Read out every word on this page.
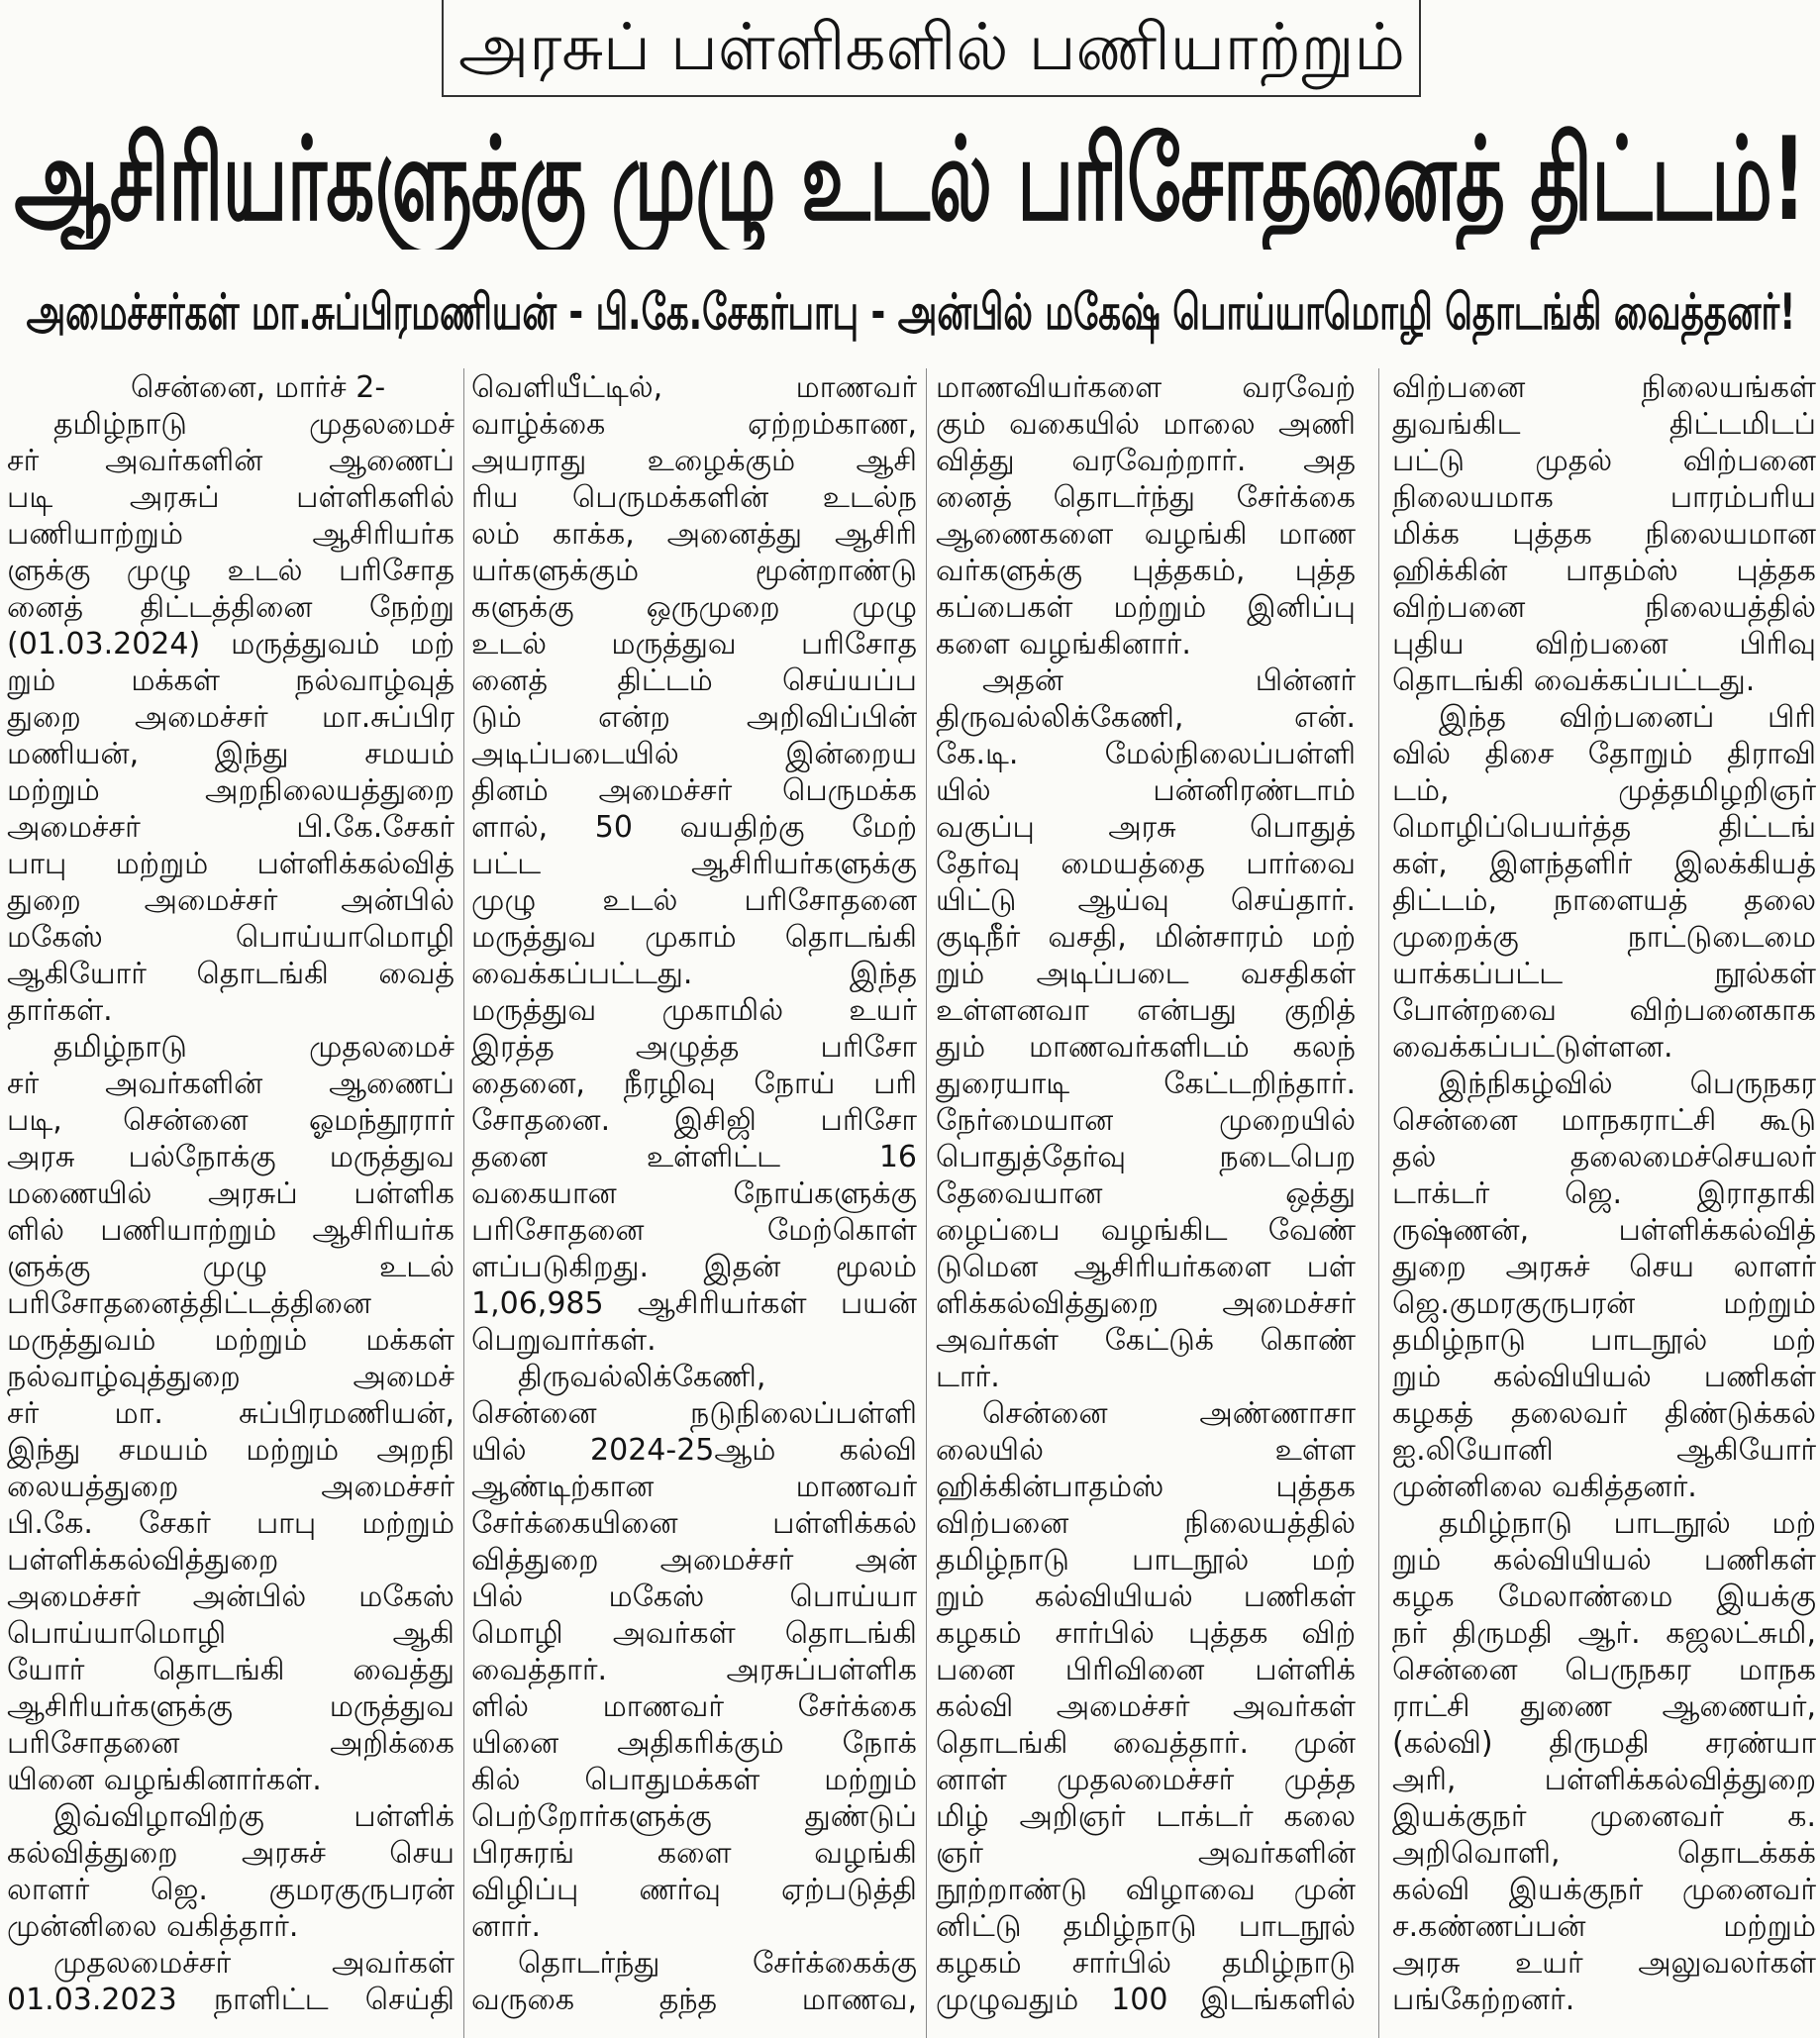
அரசுப் பள்ளிகளில் பணியாற்றும்
ஆசிரியர்களுக்கு முழு உடல் பரிசோதனைத் திட்டம்!
அமைச்சர்கள் மா.சுப்பிரமணியன் - பி.கே.சேகர்பாபு - அன்பில் மகேஷ் பொய்யாமொழி தொடங்கி வைத்தனர்!
சென்னை, மார்ச் 2-
தமிழ்நாடு முதலமைச்
சர் அவர்களின் ஆணைப்
படி அரசுப் பள்ளிகளில்
பணியாற்றும் ஆசிரியர்க
ளுக்கு முழு உடல் பரிசோத
னைத் திட்டத்தினை நேற்று
(01.03.2024) மருத்துவம் மற்
றும் மக்கள் நல்வாழ்வுத்
துறை அமைச்சர் மா.சுப்பிர
மணியன், இந்து சமயம்
மற்றும் அறநிலையத்துறை
அமைச்சர் பி.கே.சேகர்
பாபு மற்றும் பள்ளிக்கல்வித்
துறை அமைச்சர் அன்பில்
மகேஸ் பொய்யாமொழி
ஆகியோர் தொடங்கி வைத்
தார்கள்.
தமிழ்நாடு முதலமைச்
சர் அவர்களின் ஆணைப்
படி, சென்னை ஓமந்தூரார்
அரசு பல்நோக்கு மருத்துவ
மணையில் அரசுப் பள்ளிக
ளில் பணியாற்றும் ஆசிரியர்க
ளுக்கு முழு உடல்
பரிசோதனைத்திட்டத்தினை
மருத்துவம் மற்றும் மக்கள்
நல்வாழ்வுத்துறை அமைச்
சர் மா. சுப்பிரமணியன்,
இந்து சமயம் மற்றும் அறநி
லையத்துறை அமைச்சர்
பி.கே. சேகர் பாபு மற்றும்
பள்ளிக்கல்வித்துறை
அமைச்சர் அன்பில் மகேஸ்
பொய்யாமொழி ஆகி
யோர் தொடங்கி வைத்து
ஆசிரியர்களுக்கு மருத்துவ
பரிசோதனை அறிக்கை
யினை வழங்கினார்கள்.
இவ்விழாவிற்கு பள்ளிக்
கல்வித்துறை அரசுச் செய
லாளர் ஜெ. குமரகுருபரன்
முன்னிலை வகித்தார்.
முதலமைச்சர் அவர்கள்
01.03.2023 நாளிட்ட செய்தி
வெளியீட்டில், மாணவர்
வாழ்க்கை ஏற்றம்காண,
அயராது உழைக்கும் ஆசி
ரிய பெருமக்களின் உடல்ந
லம் காக்க, அனைத்து ஆசிரி
யர்களுக்கும் மூன்றாண்டு
களுக்கு ஒருமுறை முழு
உடல் மருத்துவ பரிசோத
னைத் திட்டம் செய்யப்ப
டும் என்ற அறிவிப்பின்
அடிப்படையில் இன்றைய
தினம் அமைச்சர் பெருமக்க
ளால், 50 வயதிற்கு மேற்
பட்ட ஆசிரியர்களுக்கு
முழு உடல் பரிசோதனை
மருத்துவ முகாம் தொடங்கி
வைக்கப்பட்டது. இந்த
மருத்துவ முகாமில் உயர்
இரத்த அழுத்த பரிசோ
தைனை, நீரழிவு நோய் பரி
சோதனை. இசிஜி பரிசோ
தனை உள்ளிட்ட 16
வகையான நோய்களுக்கு
பரிசோதனை மேற்கொள்
ளப்படுகிறது. இதன் மூலம்
1,06,985 ஆசிரியர்கள் பயன்
பெறுவார்கள்.
திருவல்லிக்கேணி,
சென்னை நடுநிலைப்பள்ளி
யில் 2024-25ஆம் கல்வி
ஆண்டிற்கான மாணவர்
சேர்க்கையினை பள்ளிக்கல்
வித்துறை அமைச்சர் அன்
பில் மகேஸ் பொய்யா
மொழி அவர்கள் தொடங்கி
வைத்தார். அரசுப்பள்ளிக
ளில் மாணவர் சேர்க்கை
யினை அதிகரிக்கும் நோக்
கில் பொதுமக்கள் மற்றும்
பெற்றோர்களுக்கு துண்டுப்
பிரசுரங் களை வழங்கி
விழிப்பு ணர்வு ஏற்படுத்தி
னார்.
தொடர்ந்து சேர்க்கைக்கு
வருகை தந்த மாணவ,
மாணவியர்களை வரவேற்
கும் வகையில் மாலை அணி
வித்து வரவேற்றார். அத
னைத் தொடர்ந்து சேர்க்கை
ஆணைகளை வழங்கி மாண
வர்களுக்கு புத்தகம், புத்த
கப்பைகள் மற்றும் இனிப்பு
களை வழங்கினார்.
அதன் பின்னர்
திருவல்லிக்கேணி, என்.
கே.டி. மேல்நிலைப்பள்ளி
யில் பன்னிரண்டாம்
வகுப்பு அரசு பொதுத்
தேர்வு மையத்தை பார்வை
யிட்டு ஆய்வு செய்தார்.
குடிநீர் வசதி, மின்சாரம் மற்
றும் அடிப்படை வசதிகள்
உள்ளனவா என்பது குறித்
தும் மாணவர்களிடம் கலந்
துரையாடி கேட்டறிந்தார்.
நேர்மையான முறையில்
பொதுத்தேர்வு நடைபெற
தேவையான ஒத்து
ழைப்பை வழங்கிட வேண்
டுமென ஆசிரியர்களை பள்
ளிக்கல்வித்துறை அமைச்சர்
அவர்கள் கேட்டுக் கொண்
டார்.
சென்னை அண்ணாசா
லையில் உள்ள
ஹிக்கின்பாதம்ஸ் புத்தக
விற்பனை நிலையத்தில்
தமிழ்நாடு பாடநூல் மற்
றும் கல்வியியல் பணிகள்
கழகம் சார்பில் புத்தக விற்
பனை பிரிவினை பள்ளிக்
கல்வி அமைச்சர் அவர்கள்
தொடங்கி வைத்தார். முன்
னாள் முதலமைச்சர் முத்த
மிழ் அறிஞர் டாக்டர் கலை
ஞர் அவர்களின்
நூற்றாண்டு விழாவை முன்
னிட்டு தமிழ்நாடு பாடநூல்
கழகம் சார்பில் தமிழ்நாடு
முழுவதும் 100 இடங்களில்
விற்பனை நிலையங்கள்
துவங்கிட திட்டமிடப்
பட்டு முதல் விற்பனை
நிலையமாக பாரம்பரிய
மிக்க புத்தக நிலையமான
ஹிக்கின் பாதம்ஸ் புத்தக
விற்பனை நிலையத்தில்
புதிய விற்பனை பிரிவு
தொடங்கி வைக்கப்பட்டது.
இந்த விற்பனைப் பிரி
வில் திசை தோறும் திராவி
டம், முத்தமிழறிஞர்
மொழிப்பெயர்த்த திட்டங்
கள், இளந்தளிர் இலக்கியத்
திட்டம், நாளையத் தலை
முறைக்கு நாட்டுடைமை
யாக்கப்பட்ட நூல்கள்
போன்றவை விற்பனைகாக
வைக்கப்பட்டுள்ளன.
இந்நிகழ்வில் பெருநகர
சென்னை மாநகராட்சி கூடு
தல் தலைமைச்செயலர்
டாக்டர் ஜெ. இராதாகி
ருஷ்ணன், பள்ளிக்கல்வித்
துறை அரசுச் செய லாளர்
ஜெ.குமரகுருபரன் மற்றும்
தமிழ்நாடு பாடநூல் மற்
றும் கல்வியியல் பணிகள்
கழகத் தலைவர் திண்டுக்கல்
ஐ.லியோனி ஆகியோர்
முன்னிலை வகித்தனர்.
தமிழ்நாடு பாடநூல் மற்
றும் கல்வியியல் பணிகள்
கழக மேலாண்மை இயக்கு
நர் திருமதி ஆர். கஜலட்சுமி,
சென்னை பெருநகர மாநக
ராட்சி துணை ஆணையர்,
(கல்வி) திருமதி சரண்யா
அரி, பள்ளிக்கல்வித்துறை
இயக்குநர் முனைவர் க.
அறிவொளி, தொடக்கக்
கல்வி இயக்குநர் முனைவர்
ச.கண்ணப்பன் மற்றும்
அரசு உயர் அலுவலர்கள்
பங்கேற்றனர்.
